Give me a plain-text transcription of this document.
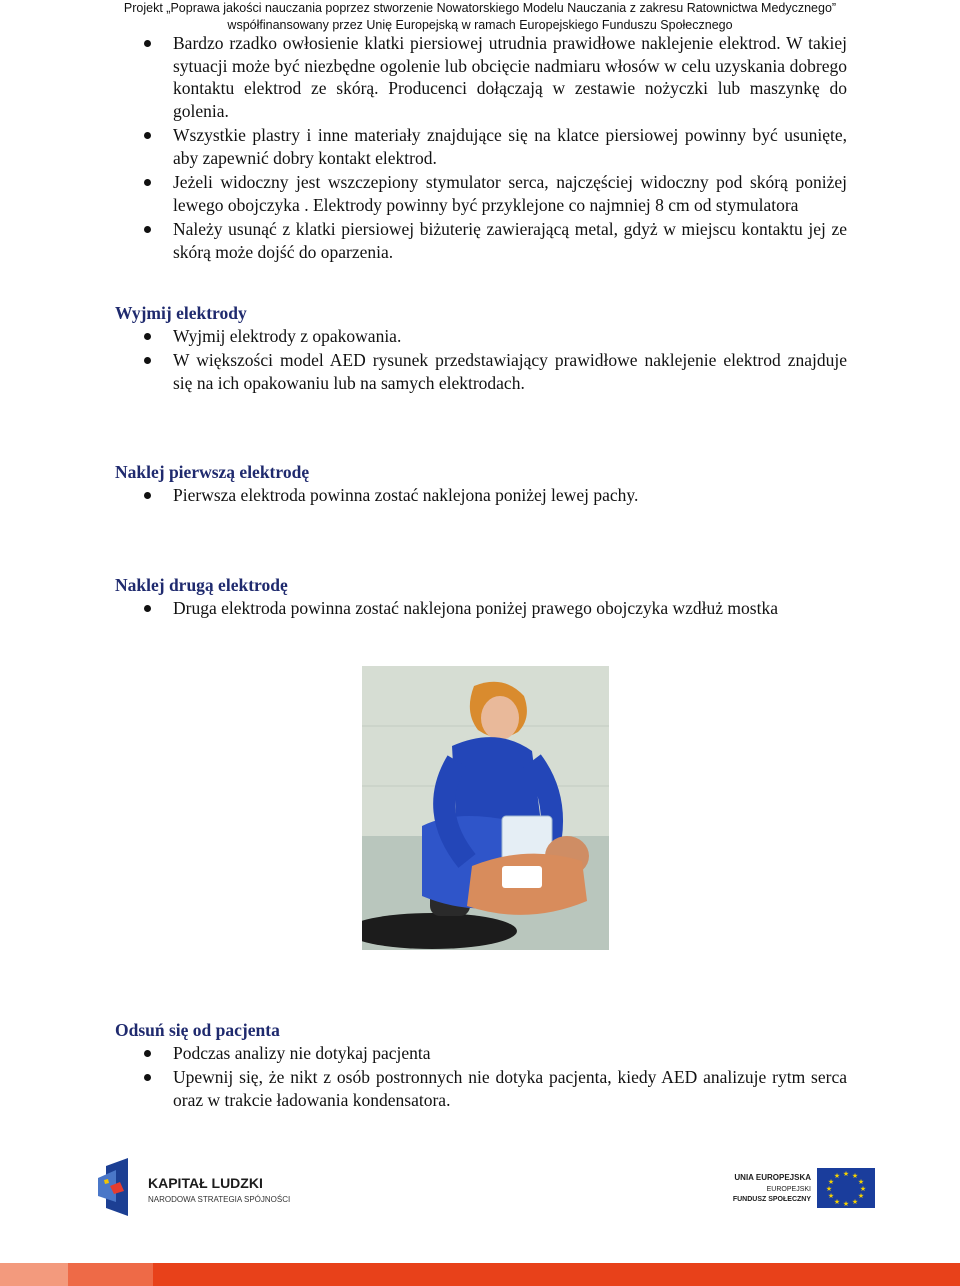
Projekt „Poprawa jakości nauczania poprzez stworzenie Nowatorskiego Modelu Nauczania z zakresu Ratownictwa Medycznego”
współfinansowany przez Unię Europejską w ramach Europejskiego Funduszu Społecznego
Bardzo rzadko owłosienie klatki piersiowej utrudnia prawidłowe naklejenie elektrod. W takiej sytuacji może być niezbędne ogolenie lub obcięcie nadmiaru włosów w celu uzyskania dobrego kontaktu elektrod ze skórą. Producenci dołączają w zestawie nożyczki lub maszynkę do golenia.
Wszystkie plastry i inne materiały znajdujące się na klatce piersiowej powinny być usunięte, aby zapewnić dobry kontakt elektrod.
Jeżeli widoczny jest wszczepiony stymulator serca, najczęściej widoczny pod skórą poniżej lewego obojczyka . Elektrody powinny być przyklejone co najmniej 8 cm od stymulatora
Należy usunąć z klatki piersiowej biżuterię zawierającą metal, gdyż w miejscu kontaktu jej ze skórą może dojść do oparzenia.

Wyjmij elektrody

Wyjmij elektrody z opakowania.
W większości model AED rysunek przedstawiający prawidłowe naklejenie elektrod znajduje się na ich opakowaniu lub na samych elektrodach.

Naklej pierwszą elektrodę

Pierwsza elektroda powinna zostać naklejona poniżej lewej pachy.

Naklej drugą elektrodę

Druga elektroda powinna zostać naklejona poniżej prawego obojczyka wzdłuż mostka

Odsuń się od pacjenta

Podczas analizy nie dotykaj pacjenta
Upewnij się, że nikt z osób postronnych nie dotyka pacjenta, kiedy AED analizuje rytm serca oraz w trakcie ładowania kondensatora.
KAPITAŁ LUDZKI
NARODOWA STRATEGIA SPÓJNOŚCI
UNIA EUROPEJSKA
EUROPEJSKI
FUNDUSZ SPOŁECZNY
★ ★
★
★
★
★
★
★
★
★
★
★
